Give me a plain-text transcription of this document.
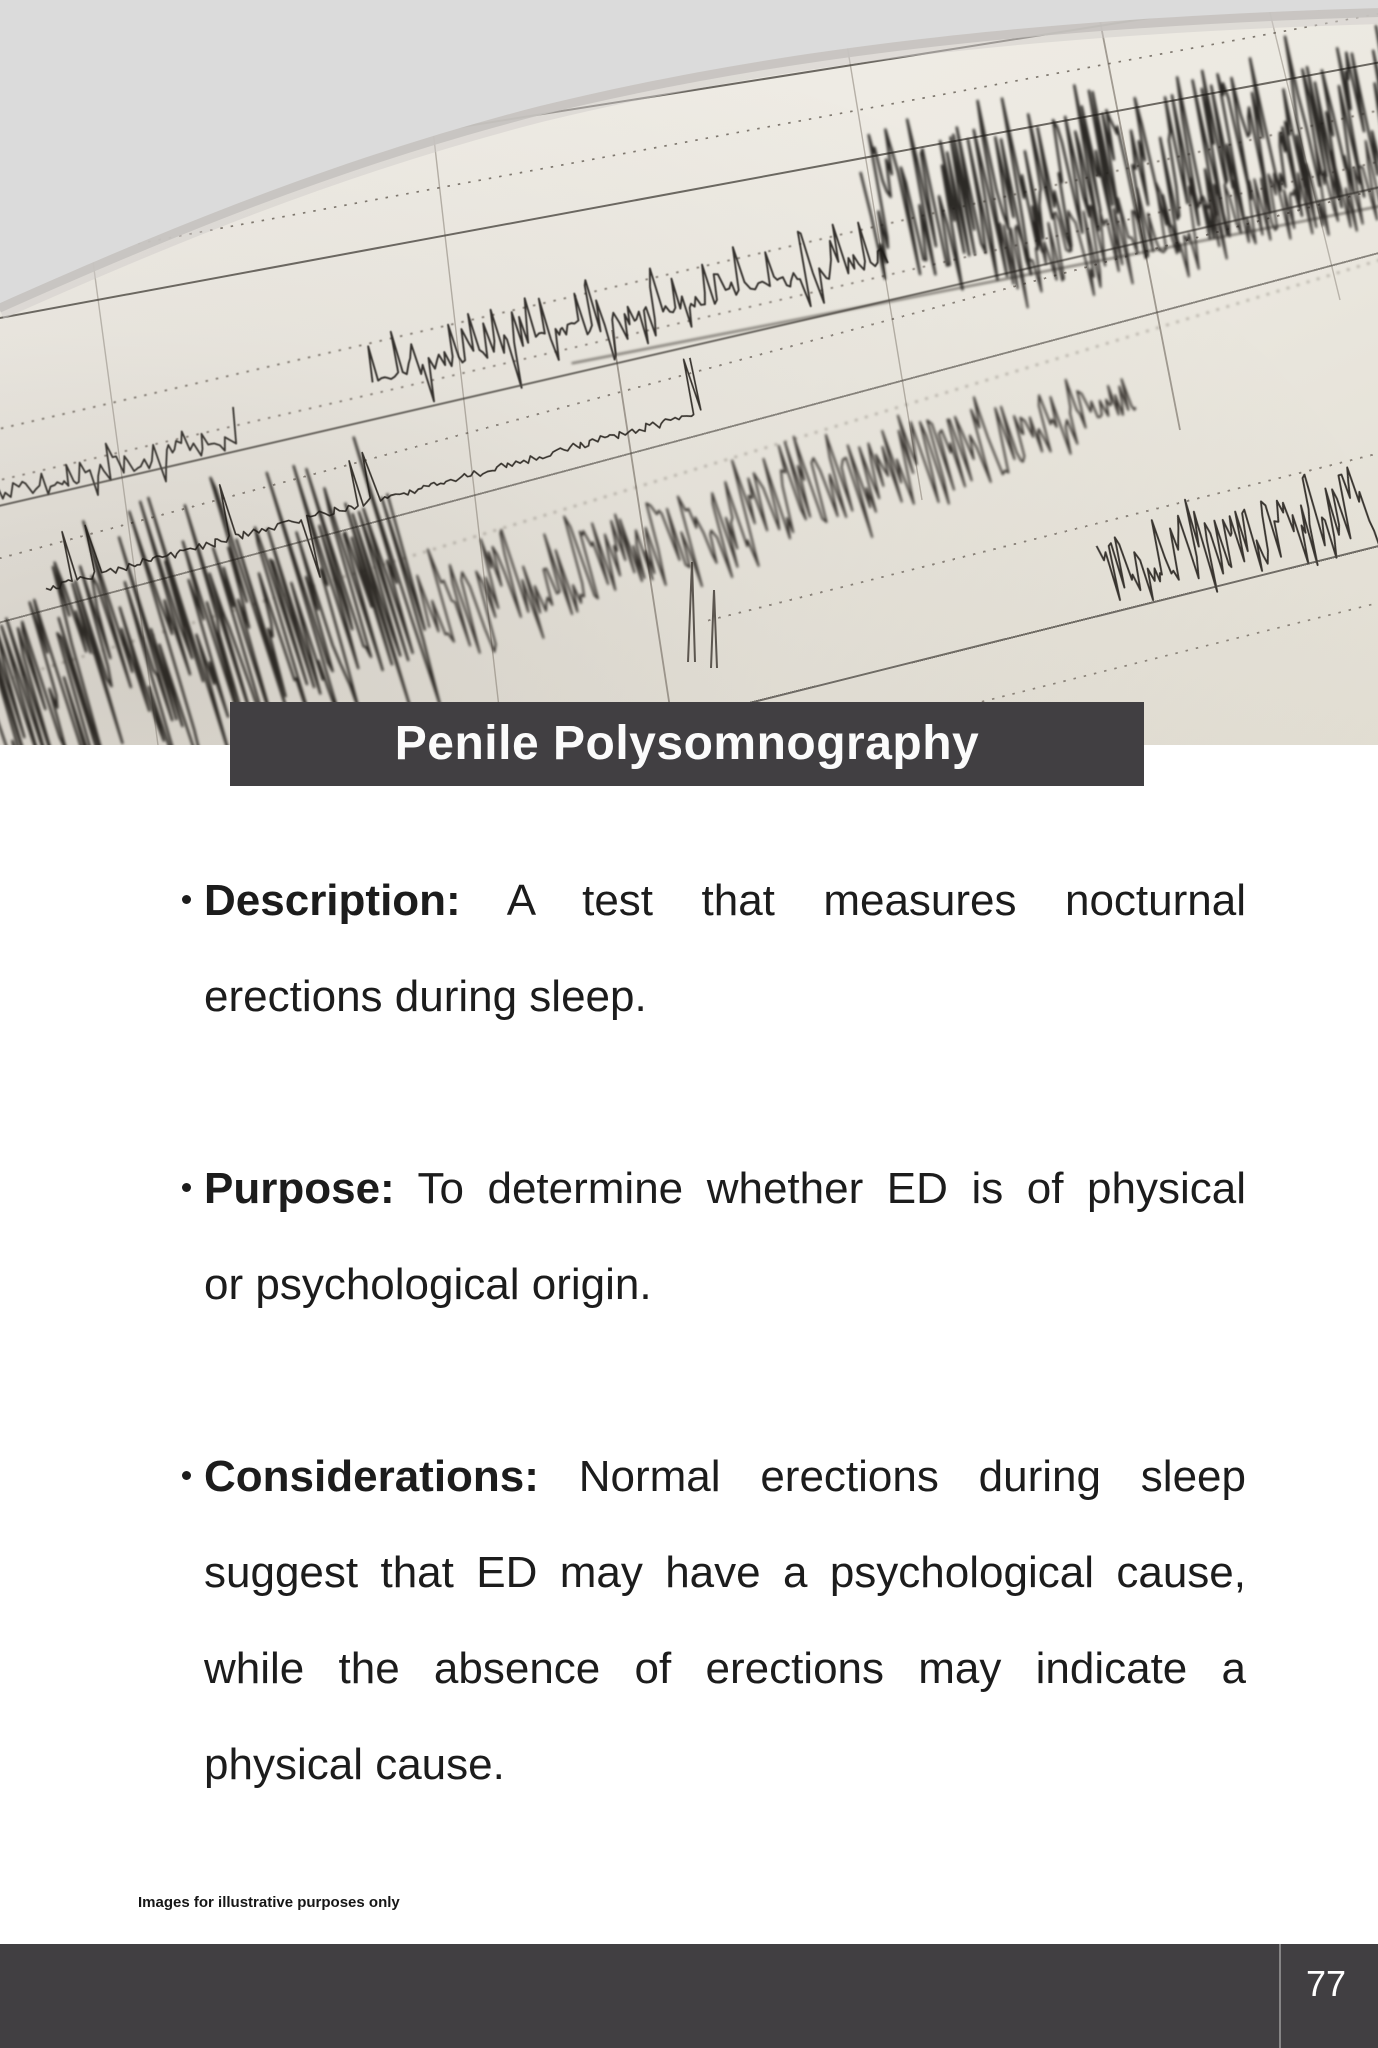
Penile Polysomnography
Description: A test that measures nocturnal
erections during sleep.
Purpose: To determine whether ED is of physical
or psychological origin.
Considerations: Normal erections during sleep
suggest that ED may have a psychological cause,
while the absence of erections may indicate a
physical cause.
Images for illustrative purposes only
77
